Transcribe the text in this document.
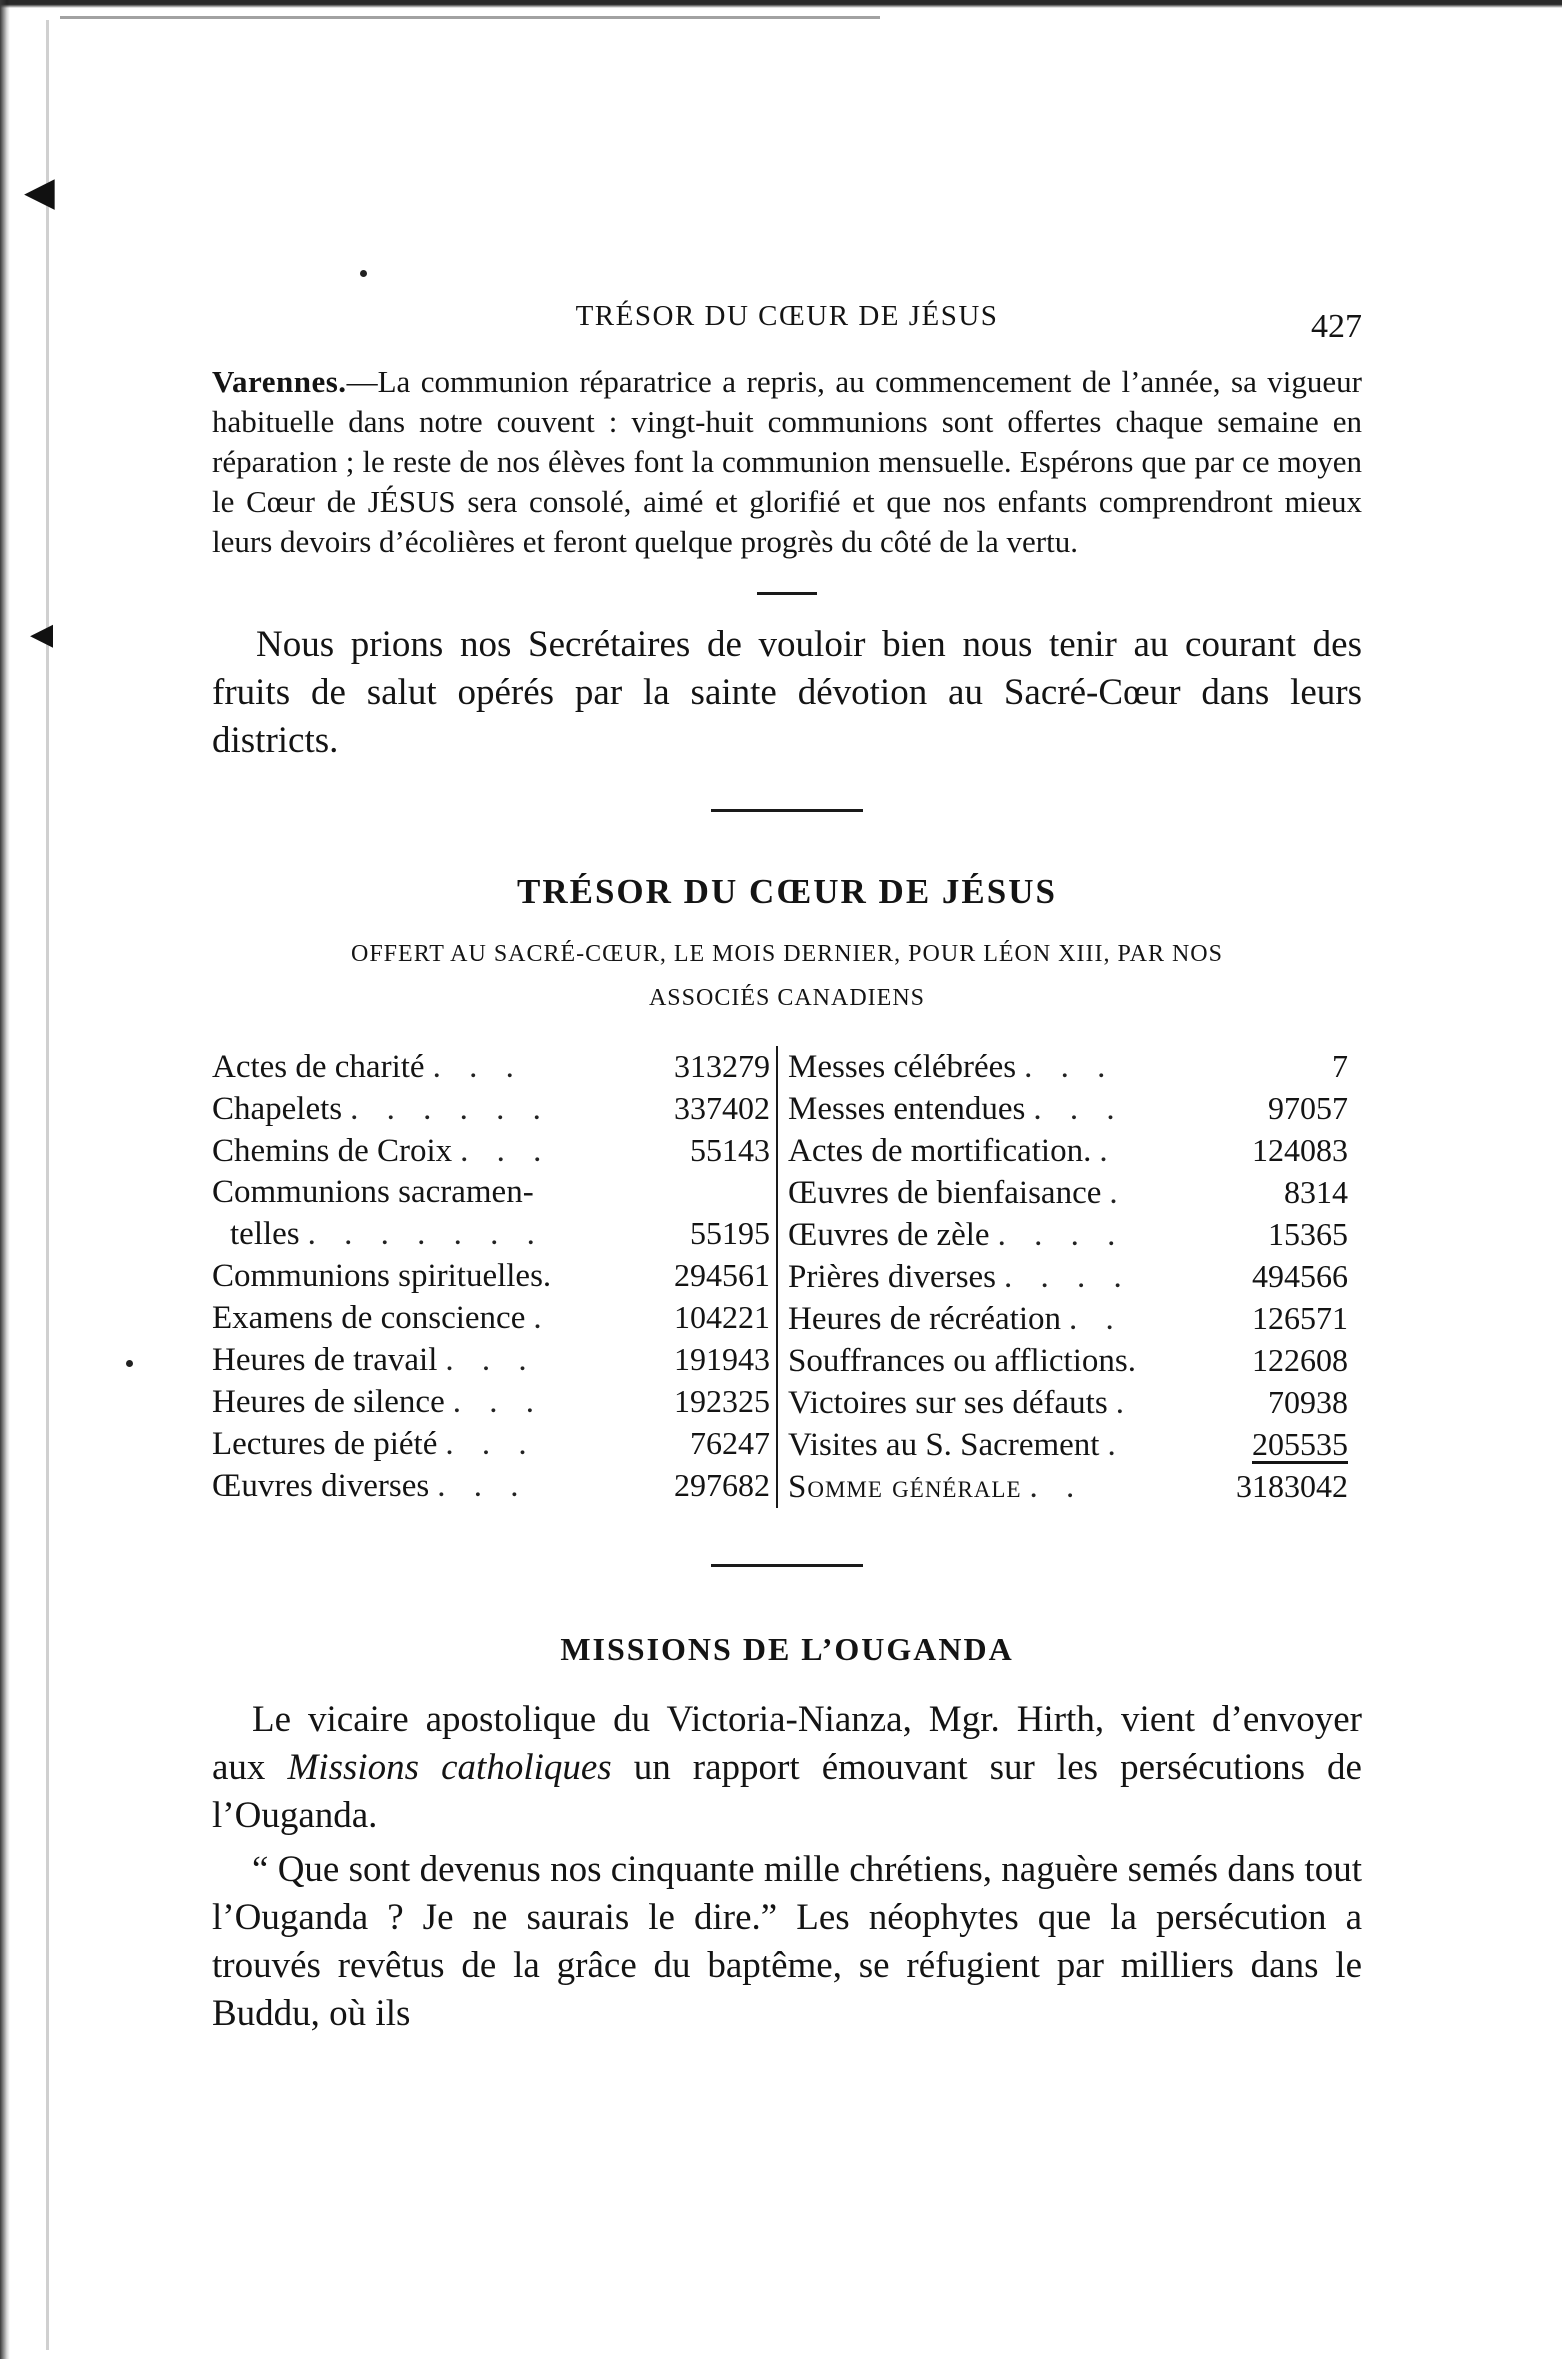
◀
◀
TRÉSOR DU CŒUR DE JÉSUS	427

Varennes.—La communion réparatrice a repris, au commencement de l’année, sa vigueur habituelle dans notre couvent : vingt-huit communions sont offertes chaque semaine en réparation ; le reste de nos élèves font la communion mensuelle. Espérons que par ce moyen le Cœur de JÉSUS sera consolé, aimé et glorifié et que nos enfants comprendront mieux leurs devoirs d’écolières et feront quelque progrès du côté de la vertu.

Nous prions nos Secrétaires de vouloir bien nous tenir au courant des fruits de salut opérés par la sainte dévotion au Sacré-Cœur dans leurs districts.

TRÉSOR DU CŒUR DE JÉSUS

OFFERT AU SACRÉ-CŒUR, LE MOIS DERNIER, POUR LÉON XIII, PAR NOS

ASSOCIÉS CANADIENS

Actes de charité . . .	313279
Chapelets . . . . . .	337402
Chemins de Croix . . .	55143
Communions sacramen-
telles . . . . . . .	55195
Communions spirituelles.	294561
Examens de conscience .	104221
Heures de travail . . .	191943
Heures de silence . . .	192325
Lectures de piété . . .	76247
Œuvres diverses . . .	297682
Messes célébrées . . .	7
Messes entendues . . .	97057
Actes de mortification. .	124083
Œuvres de bienfaisance .	8314
Œuvres de zèle . . . .	15365
Prières diverses . . . .	494566
Heures de récréation . .	126571
Souffrances ou afflictions.	122608
Victoires sur ses défauts .	70938
Visites au S. Sacrement .	205535
Somme générale . .	3183042
MISSIONS DE L’OUGANDA

Le vicaire apostolique du Victoria-Nianza, Mgr. Hirth, vient d’envoyer aux Missions catholiques un rapport émouvant sur les persécutions de l’Ouganda.

“ Que sont devenus nos cinquante mille chrétiens, naguère semés dans tout l’Ouganda ? Je ne saurais le dire.” Les néophytes que la persécution a trouvés revêtus de la grâce du baptême, se réfugient par milliers dans le Buddu, où ils
